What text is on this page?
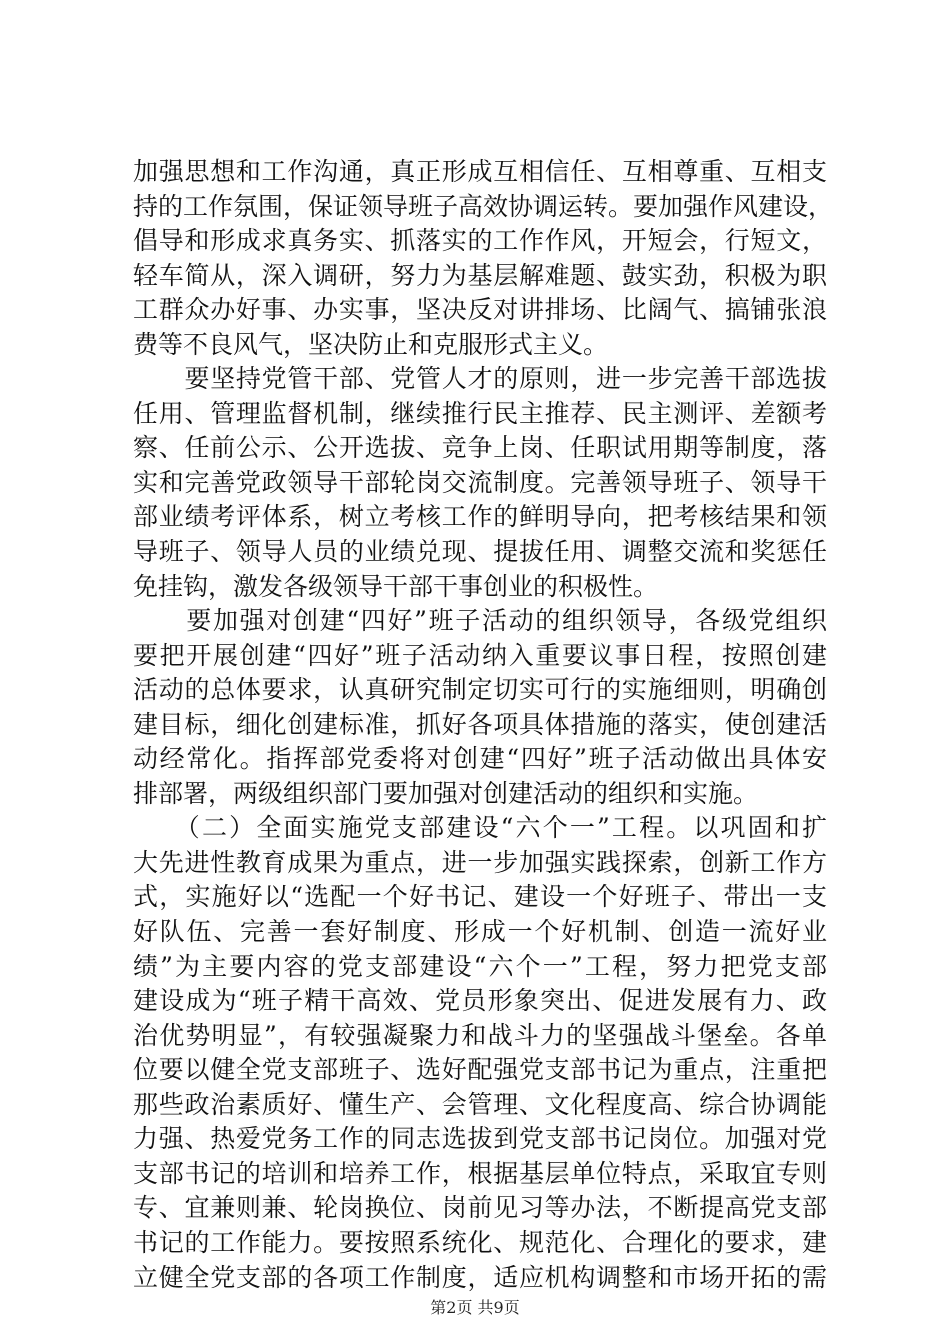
加强思想和工作沟通，真正形成互相信任、互相尊重、互相支
持的工作氛围，保证领导班子高效协调运转。要加强作风建设，
倡导和形成求真务实、抓落实的工作作风，开短会，行短文，
轻车简从，深入调研，努力为基层解难题、鼓实劲，积极为职
工群众办好事、办实事，坚决反对讲排场、比阔气、搞铺张浪
费等不良风气，坚决防止和克服形式主义。
　　要坚持党管干部、党管人才的原则，进一步完善干部选拔
任用、管理监督机制，继续推行民主推荐、民主测评、差额考
察、任前公示、公开选拔、竞争上岗、任职试用期等制度，落
实和完善党政领导干部轮岗交流制度。完善领导班子、领导干
部业绩考评体系，树立考核工作的鲜明导向，把考核结果和领
导班子、领导人员的业绩兑现、提拔任用、调整交流和奖惩任
免挂钩，激发各级领导干部干事创业的积极性。
　　要加强对创建“四好”班子活动的组织领导，各级党组织
要把开展创建“四好”班子活动纳入重要议事日程，按照创建
活动的总体要求，认真研究制定切实可行的实施细则，明确创
建目标，细化创建标准，抓好各项具体措施的落实，使创建活
动经常化。指挥部党委将对创建“四好”班子活动做出具体安
排部署，两级组织部门要加强对创建活动的组织和实施。
　　（二）全面实施党支部建设“六个一”工程。以巩固和扩
大先进性教育成果为重点，进一步加强实践探索，创新工作方
式，实施好以“选配一个好书记、建设一个好班子、带出一支
好队伍、完善一套好制度、形成一个好机制、创造一流好业
绩”为主要内容的党支部建设“六个一”工程，努力把党支部
建设成为“班子精干高效、党员形象突出、促进发展有力、政
治优势明显”，有较强凝聚力和战斗力的坚强战斗堡垒。各单
位要以健全党支部班子、选好配强党支部书记为重点，注重把
那些政治素质好、懂生产、会管理、文化程度高、综合协调能
力强、热爱党务工作的同志选拔到党支部书记岗位。加强对党
支部书记的培训和培养工作，根据基层单位特点，采取宜专则
专、宜兼则兼、轮岗换位、岗前见习等办法，不断提高党支部
书记的工作能力。要按照系统化、规范化、合理化的要求，建
立健全党支部的各项工作制度，适应机构调整和市场开拓的需
第2页 共9页
